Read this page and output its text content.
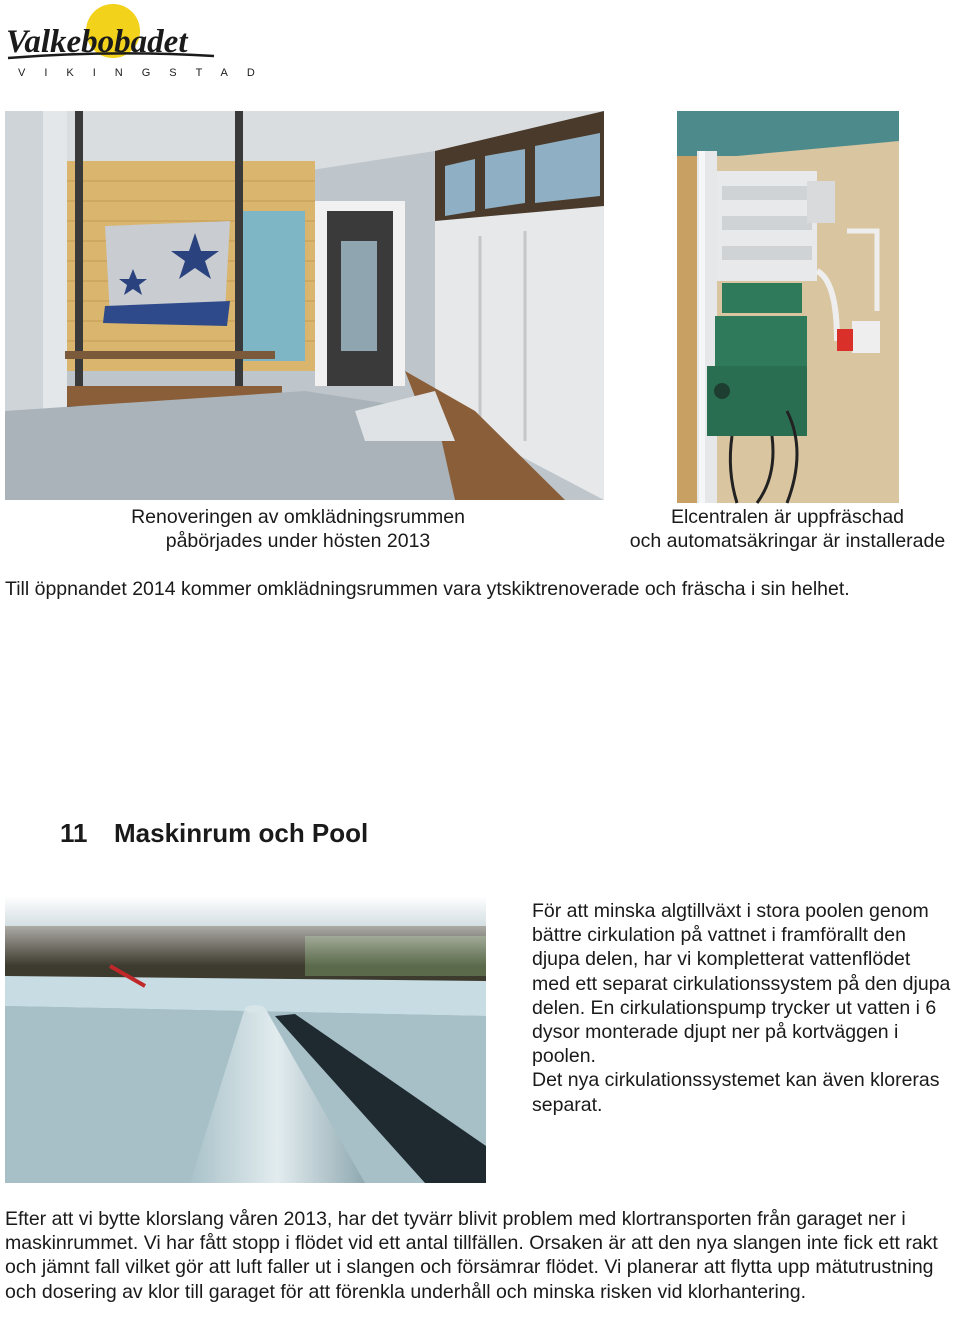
Valkebobadet
VIKINGSTAD
Renoveringen av omklädningsrummen
påbörjades under hösten 2013
Elcentralen är uppfräschad
och automatsäkringar är installerade
Till öppnandet 2014 kommer omklädningsrummen vara ytskiktrenoverade och fräscha i sin helhet.
11 Maskinrum och Pool

För att minska algtillväxt i stora poolen genom bättre cirkulation på vattnet i framförallt den djupa delen, har vi kompletterat vattenflödet med ett separat cirkulationssystem på den djupa delen. En cirkulationspump trycker ut vatten i 6 dysor monterade djupt ner på kortväggen i poolen.

Det nya cirkulationssystemet kan även kloreras separat.

Efter att vi bytte klorslang våren 2013, har det tyvärr blivit problem med klortransporten från garaget ner i maskinrummet. Vi har fått stopp i flödet vid ett antal tillfällen. Orsaken är att den nya slangen inte fick ett rakt och jämnt fall vilket gör att luft faller ut i slangen och försämrar flödet. Vi planerar att flytta upp mätutrustning och dosering av klor till garaget för att förenkla underhåll och minska risken vid klorhantering.
